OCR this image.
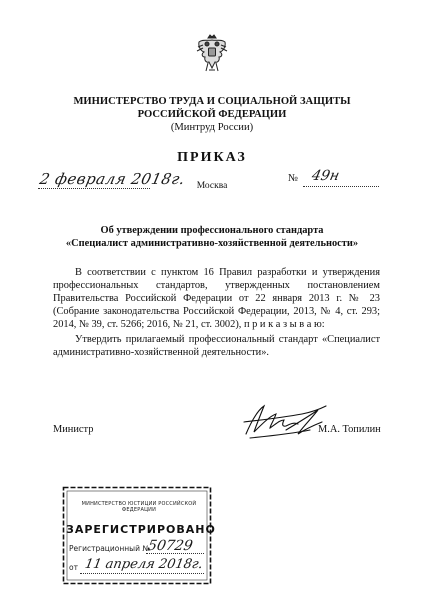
МИНИСТЕРСТВО ТРУДА И СОЦИАЛЬНОЙ ЗАЩИТЫ
РОССИЙСКОЙ ФЕДЕРАЦИИ
(Минтруд России)
ПРИКАЗ
2 февраля 2018г.	Москва
№ 49н
Об утверждении профессионального стандарта
«Специалист административно-хозяйственной деятельности»
В соответствии с пунктом 16 Правил разработки и утверждения профессиональных стандартов, утвержденных постановлением Правительства Российской Федерации от 22 января 2013 г. № 23 (Собрание законодательства Российской Федерации, 2013, № 4, ст. 293; 2014, № 39, ст. 5266; 2016, № 21, ст. 3002), п р и к а з ы в а ю:
Утвердить прилагаемый профессиональный стандарт «Специалист административно-хозяйственной деятельности».
Министр	М.А. Топилин
МИНИСТЕРСТВО ЮСТИЦИИ РОССИЙСКОЙ ФЕДЕРАЦИИ
ЗАРЕГИСТРИРОВАНО
Регистрационный №
50729
от 11 апреля 2018г.
